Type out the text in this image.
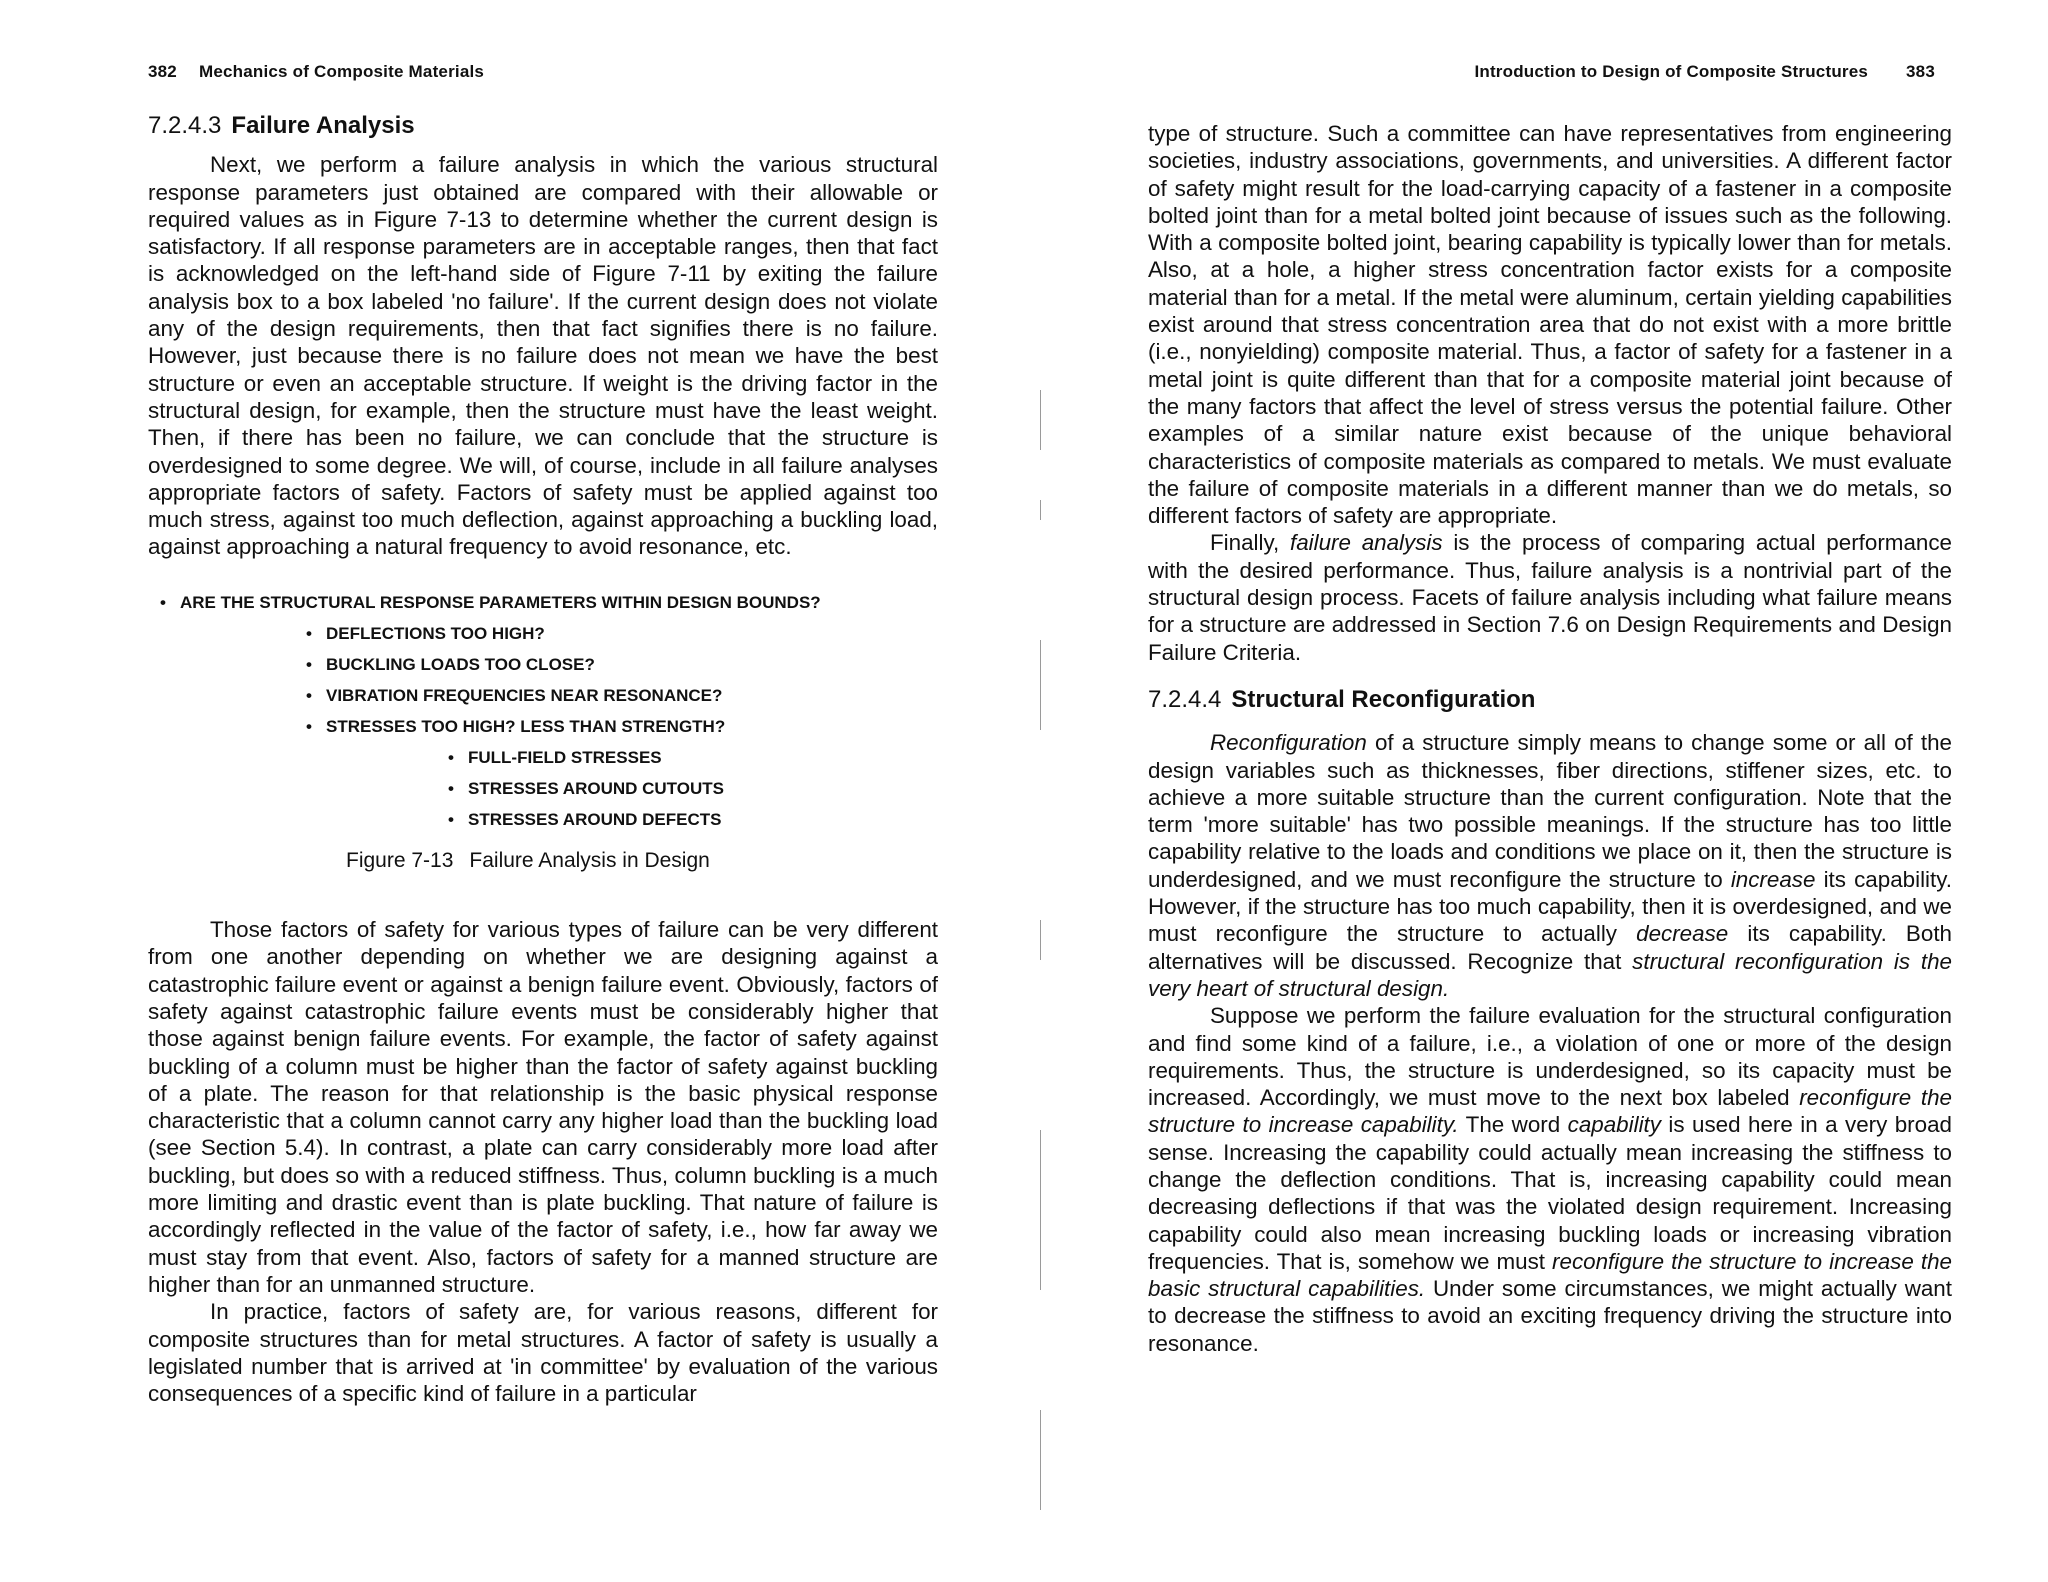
382 Mechanics of Composite Materials
7.2.4.3 Failure Analysis

Next, we perform a failure analysis in which the various structural response parameters just obtained are compared with their allowable or required values as in Figure 7-13 to determine whether the current design is satisfactory. If all response parameters are in acceptable ranges, then that fact is acknowledged on the left-hand side of Figure 7-11 by exiting the failure analysis box to a box labeled 'no failure'. If the current design does not violate any of the design requirements, then that fact signifies there is no failure. However, just because there is no failure does not mean we have the best structure or even an acceptable structure. If weight is the driving factor in the structural design, for example, then the structure must have the least weight. Then, if there has been no failure, we can conclude that the structure is overdesigned to some degree. We will, of course, include in all failure analyses appropriate factors of safety. Factors of safety must be applied against too much stress, against too much deflection, against approaching a buckling load, against approaching a natural frequency to avoid resonance, etc.

• ARE THE STRUCTURAL RESPONSE PARAMETERS WITHIN DESIGN BOUNDS?
• DEFLECTIONS TOO HIGH?
• BUCKLING LOADS TOO CLOSE?
• VIBRATION FREQUENCIES NEAR RESONANCE?
• STRESSES TOO HIGH? LESS THAN STRENGTH?
• FULL-FIELD STRESSES
• STRESSES AROUND CUTOUTS
• STRESSES AROUND DEFECTS
Figure 7-13 Failure Analysis in Design

Those factors of safety for various types of failure can be very different from one another depending on whether we are designing against a catastrophic failure event or against a benign failure event. Obviously, factors of safety against catastrophic failure events must be considerably higher that those against benign failure events. For example, the factor of safety against buckling of a column must be higher than the factor of safety against buckling of a plate. The reason for that relationship is the basic physical response characteristic that a column cannot carry any higher load than the buckling load (see Section 5.4). In contrast, a plate can carry considerably more load after buckling, but does so with a reduced stiffness. Thus, column buckling is a much more limiting and drastic event than is plate buckling. That nature of failure is accordingly reflected in the value of the factor of safety, i.e., how far away we must stay from that event. Also, factors of safety for a manned structure are higher than for an unmanned structure.

In practice, factors of safety are, for various reasons, different for composite structures than for metal structures. A factor of safety is usually a legislated number that is arrived at 'in committee' by evaluation of the various consequences of a specific kind of failure in a particular

Introduction to Design of Composite Structures 383

type of structure. Such a committee can have representatives from engineering societies, industry associations, governments, and universities. A different factor of safety might result for the load-carrying capacity of a fastener in a composite bolted joint than for a metal bolted joint because of issues such as the following. With a composite bolted joint, bearing capability is typically lower than for metals. Also, at a hole, a higher stress concentration factor exists for a composite material than for a metal. If the metal were aluminum, certain yielding capabilities exist around that stress concentration area that do not exist with a more brittle (i.e., nonyielding) composite material. Thus, a factor of safety for a fastener in a metal joint is quite different than that for a composite material joint because of the many factors that affect the level of stress versus the potential failure. Other examples of a similar nature exist because of the unique behavioral characteristics of composite materials as compared to metals. We must evaluate the failure of composite materials in a different manner than we do metals, so different factors of safety are appropriate.

Finally, failure analysis is the process of comparing actual performance with the desired performance. Thus, failure analysis is a nontrivial part of the structural design process. Facets of failure analysis including what failure means for a structure are addressed in Section 7.6 on Design Requirements and Design Failure Criteria.

7.2.4.4 Structural Reconfiguration

Reconfiguration of a structure simply means to change some or all of the design variables such as thicknesses, fiber directions, stiffener sizes, etc. to achieve a more suitable structure than the current configuration. Note that the term 'more suitable' has two possible meanings. If the structure has too little capability relative to the loads and conditions we place on it, then the structure is underdesigned, and we must reconfigure the structure to increase its capability. However, if the structure has too much capability, then it is overdesigned, and we must reconfigure the structure to actually decrease its capability. Both alternatives will be discussed. Recognize that structural reconfiguration is the very heart of structural design.

Suppose we perform the failure evaluation for the structural configuration and find some kind of a failure, i.e., a violation of one or more of the design requirements. Thus, the structure is underdesigned, so its capacity must be increased. Accordingly, we must move to the next box labeled reconfigure the structure to increase capability. The word capability is used here in a very broad sense. Increasing the capability could actually mean increasing the stiffness to change the deflection conditions. That is, increasing capability could mean decreasing deflections if that was the violated design requirement. Increasing capability could also mean increasing buckling loads or increasing vibration frequencies. That is, somehow we must reconfigure the structure to increase the basic structural capabilities. Under some circumstances, we might actually want to decrease the stiffness to avoid an exciting frequency driving the structure into resonance.
